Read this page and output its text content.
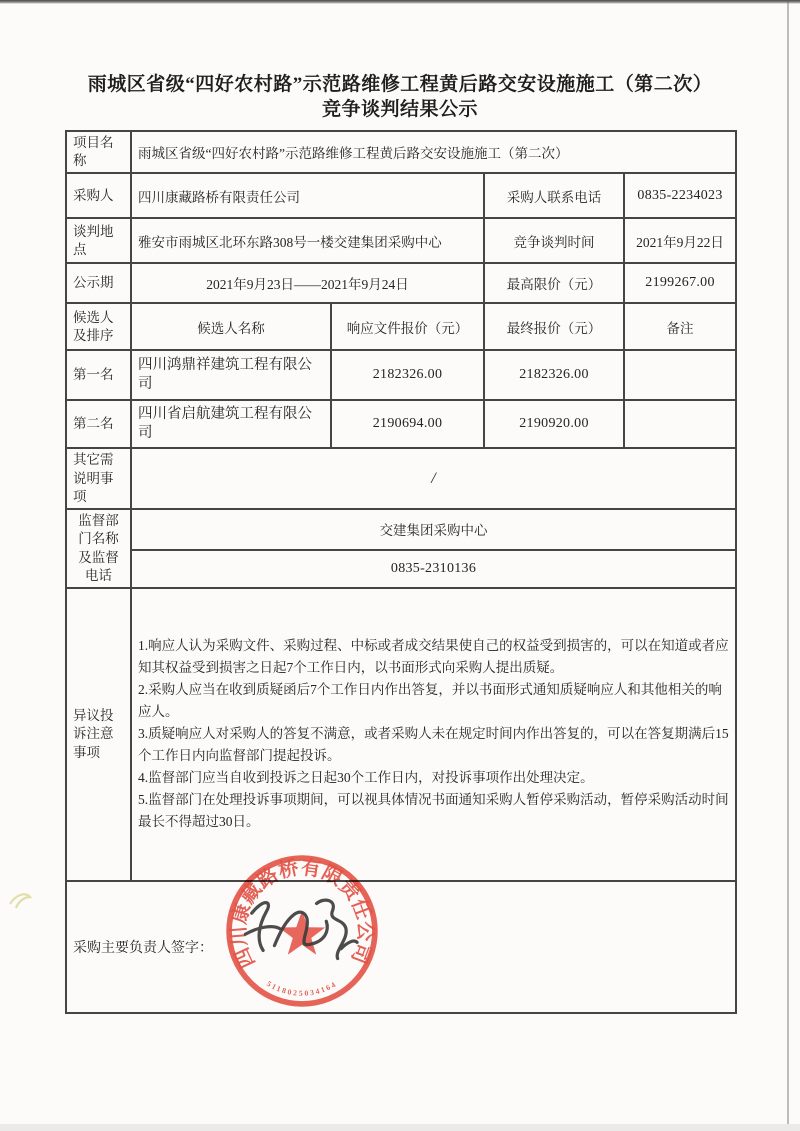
雨城区省级“四好农村路”示范路维修工程黄后路交安设施施工（第二次）
竞争谈判结果公示
项目名称	雨城区省级“四好农村路”示范路维修工程黄后路交安设施施工（第二次）			
采购人	四川康藏路桥有限责任公司		采购人联系电话	0835-2234023
谈判地点	雅安市雨城区北环东路308号一楼交建集团采购中心		竞争谈判时间	2021年9月22日
公示期	2021年9月23日——2021年9月24日		最高限价（元）	2199267.00
候选人及排序	候选人名称	响应文件报价（元）	最终报价（元）	备注
第一名	四川鸿鼎祥建筑工程有限公司	2182326.00	2182326.00	
第二名	四川省启航建筑工程有限公司	2190694.00	2190920.00	
其它需说明事项	/			
监督部门名称及监督电话	交建集团采购中心			
	0835-2310136			
异议投诉注意事项	1.响应人认为采购文件、采购过程、中标或者成交结果使自己的权益受到损害的，可以在知道或者应知其权益受到损害之日起7个工作日内，以书面形式向采购人提出质疑。
2.采购人应当在收到质疑函后7个工作日内作出答复，并以书面形式通知质疑响应人和其他相关的响应人。
3.质疑响应人对采购人的答复不满意，或者采购人未在规定时间内作出答复的，可以在答复期满后15个工作日内向监督部门提起投诉。
4.监督部门应当自收到投诉之日起30个工作日内，对投诉事项作出处理决定。
5.监督部门在处理投诉事项期间，可以视具体情况书面通知采购人暂停采购活动，暂停采购活动时间最长不得超过30日。			

采购主要负责人签字：				四川康藏路桥有限责任公司
5118025034164
